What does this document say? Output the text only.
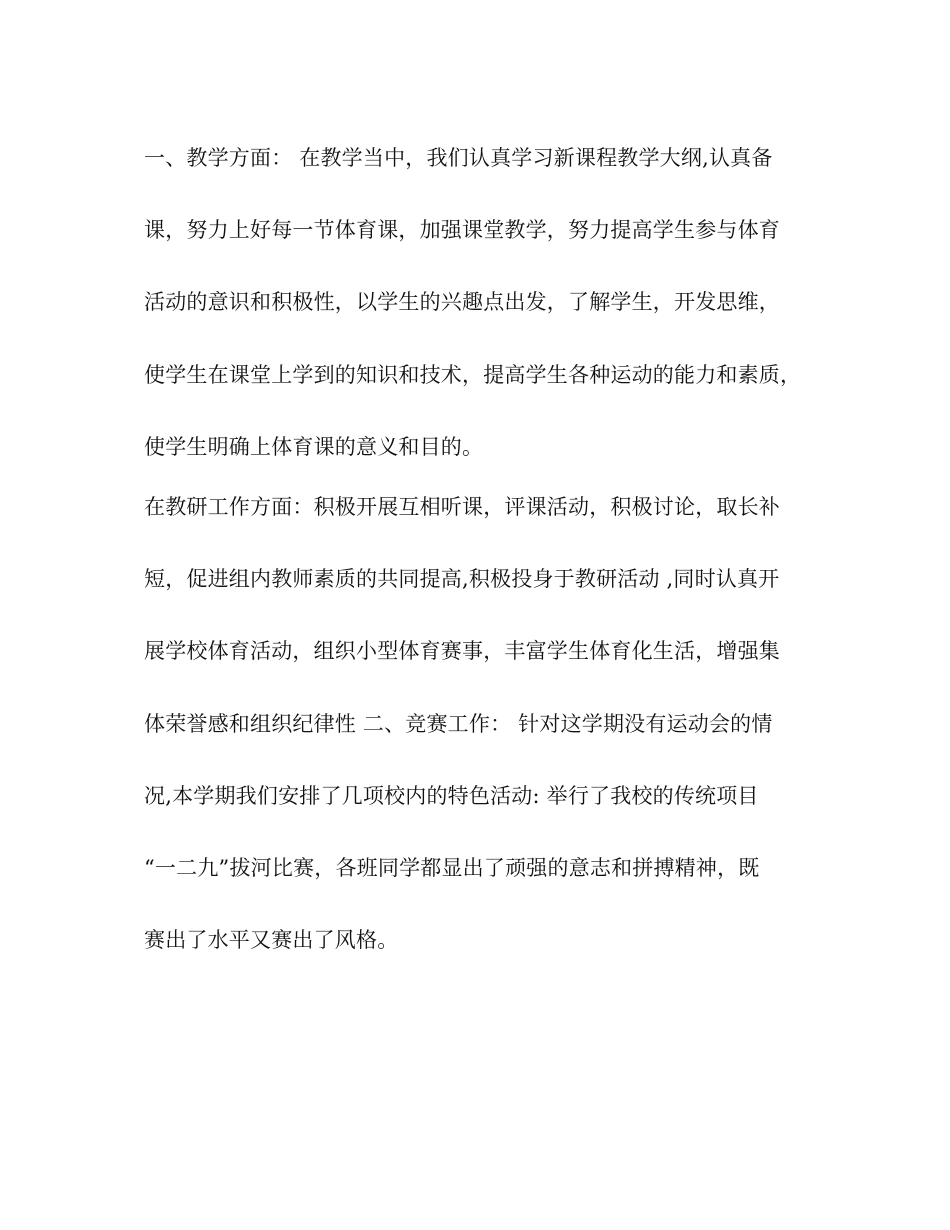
一、教学方面： 在教学当中，我们认真学习新课程教学大纲,认真备
课，努力上好每一节体育课，加强课堂教学，努力提高学生参与体育
活动的意识和积极性，以学生的兴趣点出发，了解学生，开发思维，
使学生在课堂上学到的知识和技术，提高学生各种运动的能力和素质，
使学生明确上体育课的意义和目的。
在教研工作方面：积极开展互相听课，评课活动，积极讨论，取长补
短，促进组内教师素质的共同提高,积极投身于教研活动 ,同时认真开
展学校体育活动，组织小型体育赛事，丰富学生体育化生活，增强集
体荣誉感和组织纪律性 二、竞赛工作： 针对这学期没有运动会的情
况,本学期我们安排了几项校内的特色活动: 举行了我校的传统项目
“一二九”拔河比赛，各班同学都显出了顽强的意志和拼搏精神，既
赛出了水平又赛出了风格。
